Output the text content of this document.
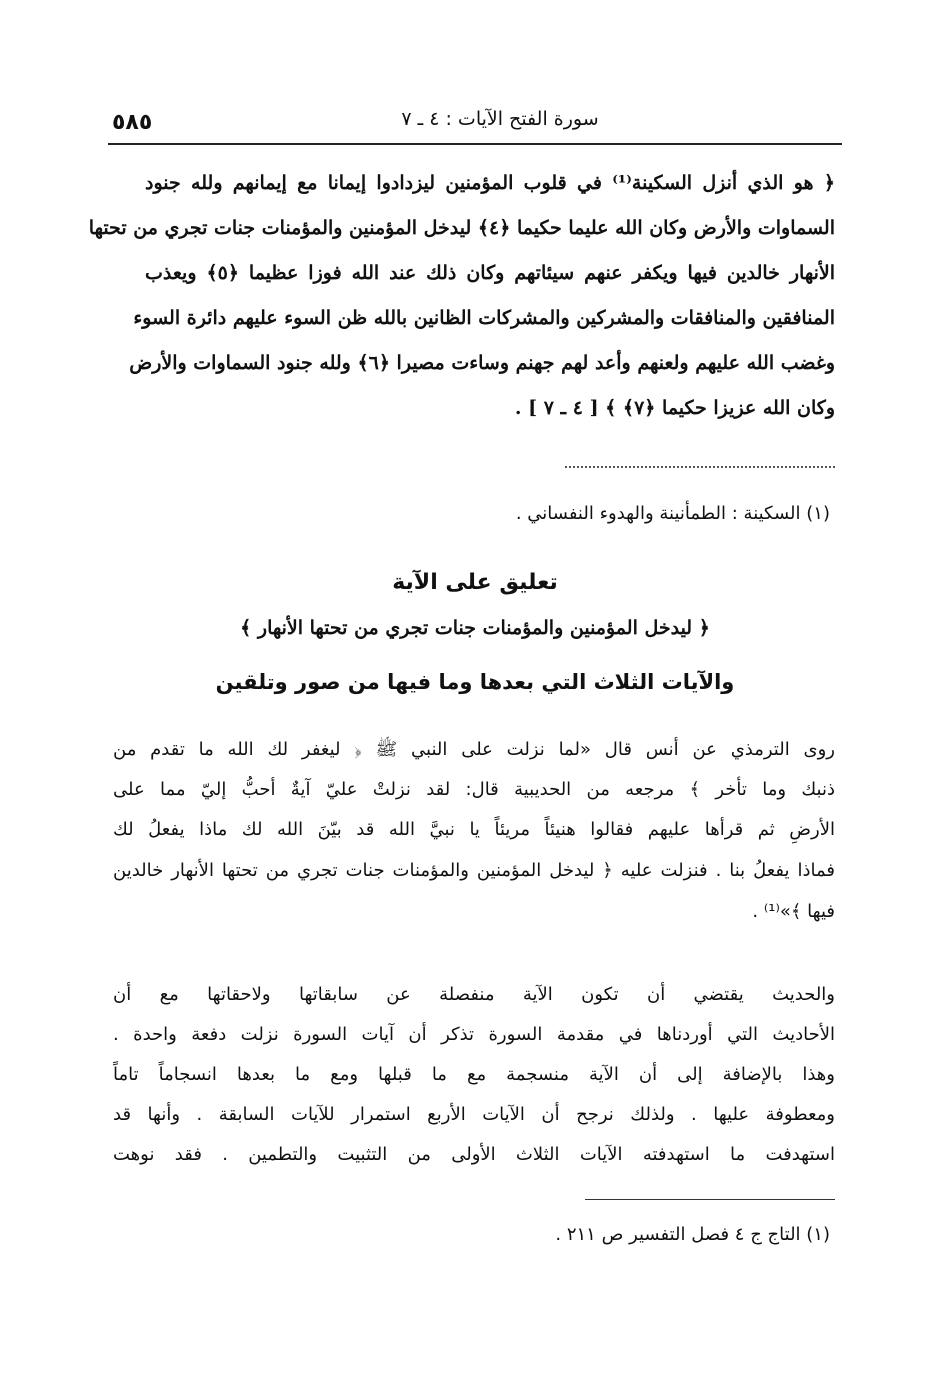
٥٨٥	سورة الفتح الآيات : ٤ ـ ٧
﴿ هو الذي أنزل السكينة⁽¹⁾ في قلوب المؤمنين ليزدادوا إيمانا مع إيمانهم ولله جنود
السماوات والأرض وكان الله عليما حكيما ﴿٤﴾ ليدخل المؤمنين والمؤمنات جنات تجري من تحتها
الأنهار خالدين فيها ويكفر عنهم سيئاتهم وكان ذلك عند الله فوزا عظيما ﴿٥﴾ ويعذب
المنافقين والمنافقات والمشركين والمشركات الظانين بالله ظن السوء عليهم دائرة السوء
وغضب الله عليهم ولعنهم وأعد لهم جهنم وساءت مصيرا ﴿٦﴾ ولله جنود السماوات والأرض
وكان الله عزيزا حكيما ﴿٧﴾ ﴾ [ ٤ ـ ٧ ] .
(١) السكينة : الطمأنينة والهدوء النفساني .
تعليق على الآية
﴿ ليدخل المؤمنين والمؤمنات جنات تجري من تحتها الأنهار ﴾
والآيات الثلاث التي بعدها وما فيها من صور وتلقين
روى الترمذي عن أنس قال «لما نزلت على النبي ﷺ ﴿ ليغفر لك الله ما تقدم من
ذنبك وما تأخر ﴾ مرجعه من الحديبية قال: لقد نزلتْ عليّ آيةٌ أحبُّ إليّ مما على
الأرضِ ثم قرأها عليهم فقالوا هنيئاً مريئاً يا نبيَّ الله قد بيّنَ الله لك ماذا يفعلُ لك
فماذا يفعلُ بنا . فنزلت عليه ﴿ ليدخل المؤمنين والمؤمنات جنات تجري من تحتها الأنهار خالدين
فيها ﴾»⁽¹⁾ .
والحديث يقتضي أن تكون الآية منفصلة عن سابقاتها ولاحقاتها مع أن
الأحاديث التي أوردناها في مقدمة السورة تذكر أن آيات السورة نزلت دفعة واحدة .
وهذا بالإضافة إلى أن الآية منسجمة مع ما قبلها ومع ما بعدها انسجاماً تاماً
ومعطوفة عليها . ولذلك نرجح أن الآيات الأربع استمرار للآيات السابقة . وأنها قد
استهدفت ما استهدفته الآيات الثلاث الأولى من التثبيت والتطمين . فقد نوهت
(١) التاج ج ٤ فصل التفسير ص ٢١١ .
